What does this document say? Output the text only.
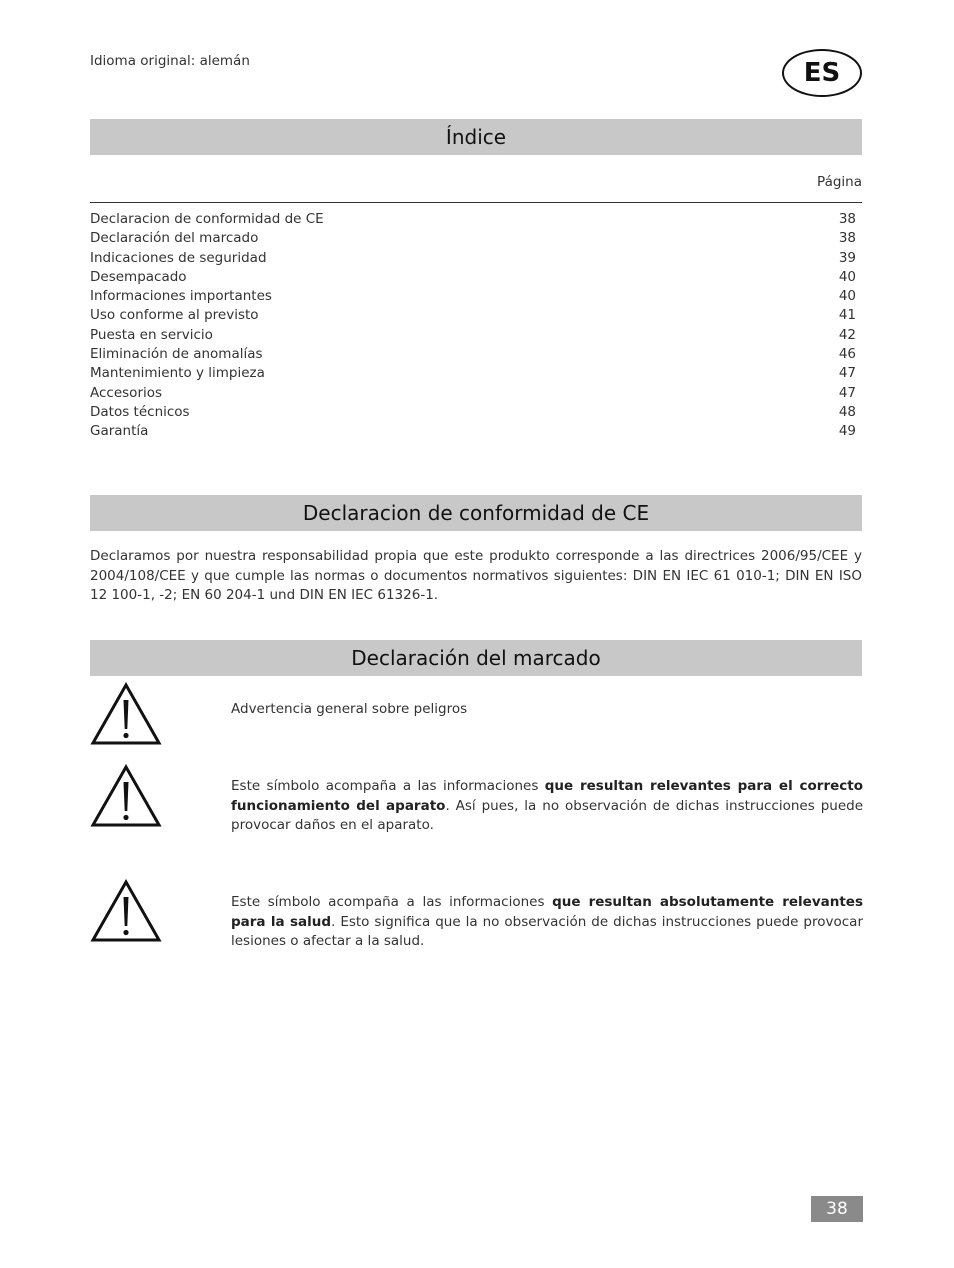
Idioma original: alemán	ES
Índice
Página
Declaracion de conformidad de CE	38
Declaración del marcado	38
Indicaciones de seguridad	39
Desempacado	40
Informaciones importantes	40
Uso conforme al previsto	41
Puesta en servicio	42
Eliminación de anomalías	46
Mantenimiento y limpieza	47
Accesorios	47
Datos técnicos	48
Garantía	49
Declaracion de conformidad de CE
Declaramos por nuestra responsabilidad propia que este produkto corresponde a las directrices 2006/95/CEE y 2004/108/CEE y que cumple las normas o documentos normativos siguientes: DIN EN IEC 61 010-1; DIN EN ISO 12 100-1, -2; EN 60 204-1 und DIN EN IEC 61326-1.
Declaración del marcado
Advertencia general sobre peligros
Este símbolo acompaña a las informaciones que resultan relevantes para el correcto funcionamiento del aparato. Así pues, la no observación de dichas instrucciones puede provocar daños en el aparato.
Este símbolo acompaña a las informaciones que resultan absolutamente relevantes para la salud. Esto significa que la no observación de dichas instrucciones puede provocar lesiones o afectar a la salud.
38
